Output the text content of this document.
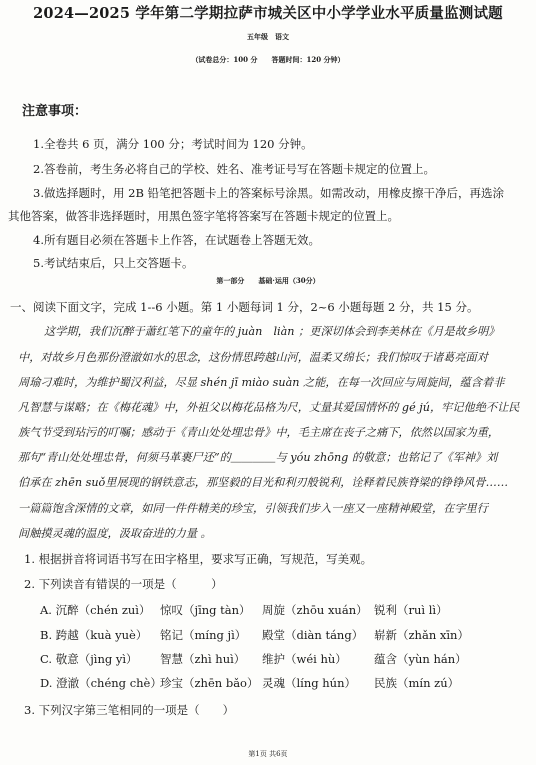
2024—2025 学年第二学期拉萨市城关区中小学学业水平质量监测试题
五年级　语文
（试卷总分：100 分　　答题时间：120 分钟）
注意事项：
1.全卷共 6 页，满分 100 分；考试时间为 120 分钟。
2.答卷前，考生务必将自己的学校、姓名、准考证号写在答题卡规定的位置上。
3.做选择题时，用 2B 铅笔把答题卡上的答案标号涂黑。如需改动，用橡皮擦干净后，再选涂
其他答案，做答非选择题时，用黑色签字笔将答案写在答题卡规定的位置上。
4.所有题目必须在答题卡上作答，在试题卷上答题无效。
5.考试结束后，只上交答题卡。
第一部分　　基础·运用（30分）
一、阅读下面文字，完成 1--6 小题。第 1 小题每词 1 分，2~6 小题每题 2 分，共 15 分。
这学期，我们沉醉于蕭红笔下的童年的 juàn　liàn ；更深切体会到李美林在《月是故乡明》
中，对故乡月色那份澄澈如水的思念，这份情思跨越山河，温柔又绵长；我们惊叹于诸葛亮面对
周瑜刁难时，为维护蜀汉利益，尽显 shén jī miào suàn 之能，在每一次回应与周旋间，蕴含着非
凡智慧与谋略；在《梅花魂》中，外祖父以梅花品格为尺，丈量其爱国情怀的 gé jú，牢记他绝不让民
族气节受到玷污的叮嘱；感动于《青山处处埋忠骨》中，毛主席在丧子之痛下，依然以国家为重，
那句“青山处处埋忠骨，何须马革裹尸还”的＿＿＿＿与 yóu zhōng 的敬意；也铭记了《军神》刘
伯承在 zhēn suǒ里展现的钢铁意志，那坚毅的目光和利刃般锐利，诠释着民族脊梁的铮铮风骨……
一篇篇饱含深情的文章，如同一件件精美的珍宝，引领我们步入一座又一座精神殿堂，在字里行
间触摸灵魂的温度，汲取奋进的力量 。
1. 根据拼音将词语书写在田字格里，要求写正确，写规范，写美观。
2. 下列读音有错误的一项是（　　　）
A. 沉醉（chén zuì） 惊叹（jīng tàn） 周旋（zhōu xuán） 锐利（ruì lì）
B. 跨越（kuà yuè） 铭记（míng jì） 殿堂（diàn táng） 崭新（zhǎn xīn）
C. 敬意（jìng yì） 智慧（zhì huì） 维护（wéi hù） 蕴含（yùn hán）
D. 澄澈（chéng chè）
珍宝（zhēn bǎo） 灵魂（líng hún） 民族（mín zú）
3. 下列汉字第三笔相同的一项是（　　）
第1页 共6页
